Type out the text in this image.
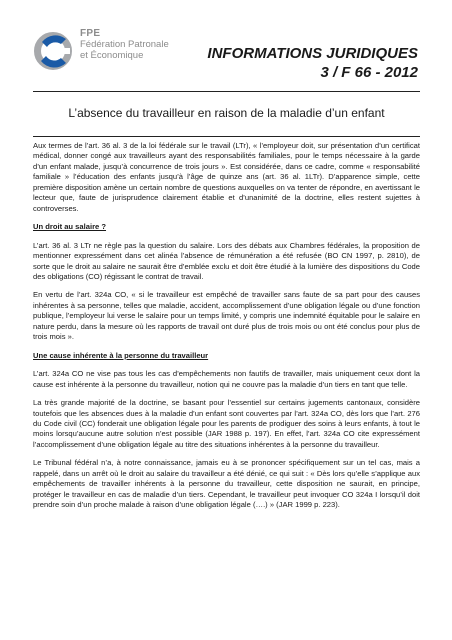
FPE
Fédération Patronale
et Économique	INFORMATIONS JURIDIQUES
3 / F 66 - 2012
L’absence du travailleur en raison de la maladie d’un enfant

Aux termes de l’art. 36 al. 3 de la loi fédérale sur le travail (LTr), « l’employeur doit, sur présentation d’un certificat médical, donner congé aux travailleurs ayant des responsabilités familiales, pour le temps nécessaire à la garde d’un enfant malade, jusqu’à concurrence de trois jours ». Est considérée, dans ce cadre, comme « responsabilité familiale » l’éducation des enfants jusqu’à l’âge de quinze ans (art. 36 al. 1LTr). D’apparence simple, cette première disposition amène un certain nombre de questions auxquelles on va tenter de répondre, en avertissant le lecteur que, faute de jurisprudence clairement établie et d’unanimité de la doctrine, elles restent sujettes à controverses.

Un droit au salaire ?

L’art. 36 al. 3 LTr ne règle pas la question du salaire. Lors des débats aux Chambres fédérales, la proposition de mentionner expressément dans cet alinéa l’absence de rémunération a été refusée (BO CN 1997, p. 2810), de sorte que le droit au salaire ne saurait être d’emblée exclu et doit être étudié à la lumière des dispositions du Code des obligations (CO) régissant le contrat de travail.

En vertu de l’art. 324a CO, « si le travailleur est empêché de travailler sans faute de sa part pour des causes inhérentes à sa personne, telles que maladie, accident, accomplissement d’une obligation légale ou d’une fonction publique, l’employeur lui verse le salaire pour un temps limité, y compris une indemnité équitable pour le salaire en nature perdu, dans la mesure où les rapports de travail ont duré plus de trois mois ou ont été conclus pour plus de trois mois ».

Une cause inhérente à la personne du travailleur

L’art. 324a CO ne vise pas tous les cas d’empêchements non fautifs de travailler, mais uniquement ceux dont la cause est inhérente à la personne du travailleur, notion qui ne couvre pas la maladie d’un tiers en tant que telle.

La très grande majorité de la doctrine, se basant pour l’essentiel sur certains jugements cantonaux, considère toutefois que les absences dues à la maladie d’un enfant sont couvertes par l’art. 324a CO, dès lors que l’art. 276 du Code civil (CC) fonderait une obligation légale pour les parents de prodiguer des soins à leurs enfants, à tout le moins lorsqu’aucune autre solution n’est possible (JAR 1988 p. 197). En effet, l’art. 324a CO cite expressément l’accomplissement d’une obligation légale au titre des situations inhérentes à la personne du travailleur.

Le Tribunal fédéral n’a, à notre connaissance, jamais eu à se prononcer spécifiquement sur un tel cas, mais a rappelé, dans un arrêt où le droit au salaire du travailleur a été dénié, ce qui suit : « Dès lors qu’elle s’applique aux empêchements de travailler inhérents à la personne du travailleur, cette disposition ne saurait, en principe, protéger le travailleur en cas de maladie d’un tiers. Cependant, le travailleur peut invoquer CO 324a I lorsqu’il doit prendre soin d’un proche malade à raison d’une obligation légale (….) » (JAR 1999 p. 223).
